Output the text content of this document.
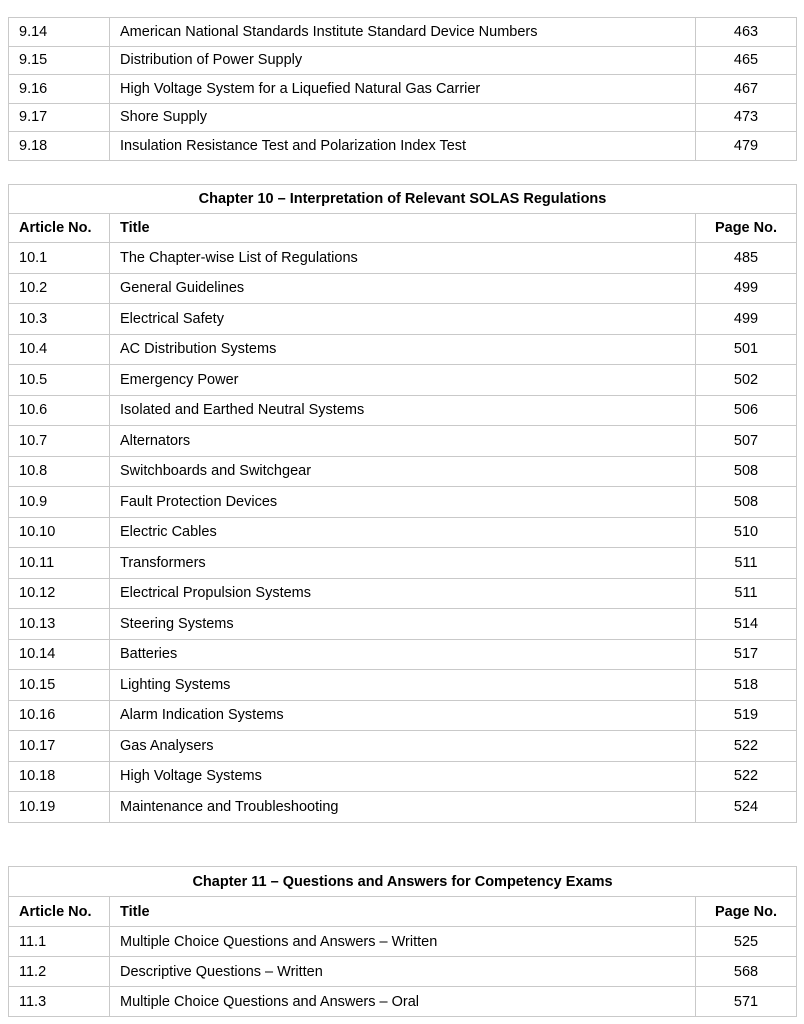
9.14	American National Standards Institute Standard Device Numbers	463
9.15	Distribution of Power Supply	465
9.16	High Voltage System for a Liquefied Natural Gas Carrier	467
9.17	Shore Supply	473
9.18	Insulation Resistance Test and Polarization Index Test	479
Chapter 10 – Interpretation of Relevant SOLAS Regulations		
Article No.	Title	Page No.
10.1	The Chapter-wise List of Regulations	485
10.2	General Guidelines	499
10.3	Electrical Safety	499
10.4	AC Distribution Systems	501
10.5	Emergency Power	502
10.6	Isolated and Earthed Neutral Systems	506
10.7	Alternators	507
10.8	Switchboards and Switchgear	508
10.9	Fault Protection Devices	508
10.10	Electric Cables	510
10.11	Transformers	511
10.12	Electrical Propulsion Systems	511
10.13	Steering Systems	514
10.14	Batteries	517
10.15	Lighting Systems	518
10.16	Alarm Indication Systems	519
10.17	Gas Analysers	522
10.18	High Voltage Systems	522
10.19	Maintenance and Troubleshooting	524
Chapter 11 – Questions and Answers for Competency Exams		
Article No.	Title	Page No.
11.1	Multiple Choice Questions and Answers – Written	525
11.2	Descriptive Questions – Written	568
11.3	Multiple Choice Questions and Answers – Oral	571
